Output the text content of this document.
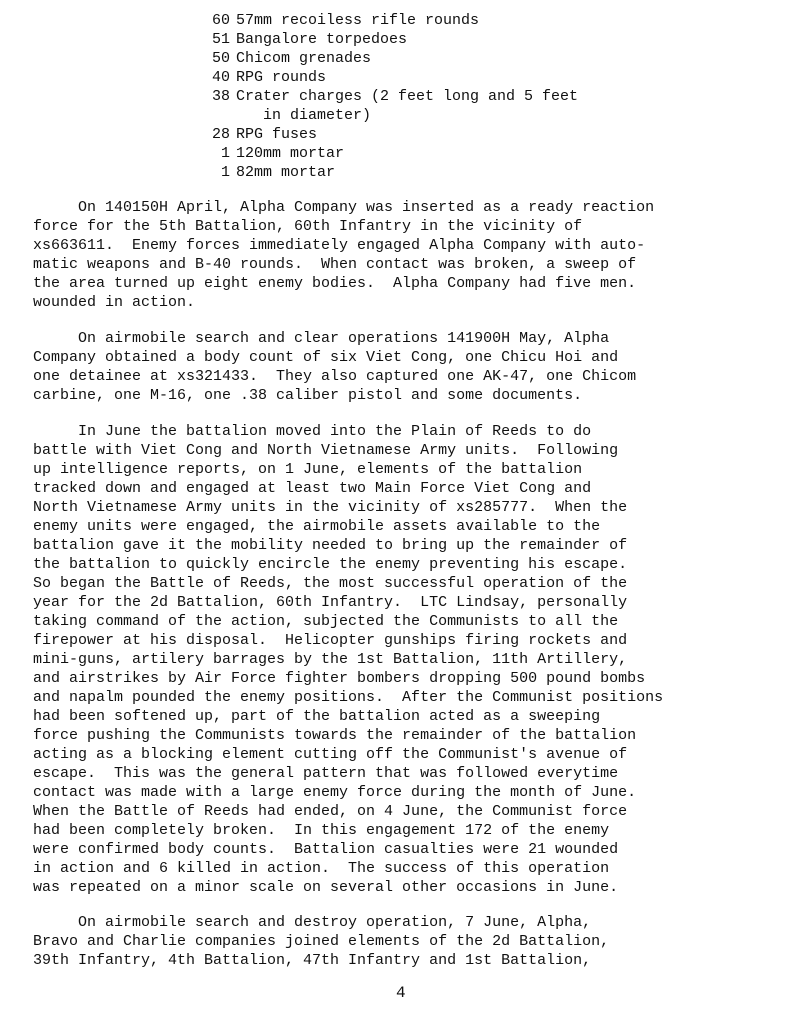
60 57mm recoiless rifle rounds
51 Bangalore torpedoes
50 Chicom grenades
40 RPG rounds
38 Crater charges (2 feet long and 5 feet
in diameter)
28 RPG fuses
1 120mm mortar
1 82mm mortar
On 140150H April, Alpha Company was inserted as a ready reaction
force for the 5th Battalion, 60th Infantry in the vicinity of
xs663611.  Enemy forces immediately engaged Alpha Company with auto-
matic weapons and B-40 rounds.  When contact was broken, a sweep of
the area turned up eight enemy bodies.  Alpha Company had five men.
wounded in action.
On airmobile search and clear operations 141900H May, Alpha
Company obtained a body count of six Viet Cong, one Chicu Hoi and
one detainee at xs321433.  They also captured one AK-47, one Chicom
carbine, one M-16, one .38 caliber pistol and some documents.
In June the battalion moved into the Plain of Reeds to do
battle with Viet Cong and North Vietnamese Army units.  Following
up intelligence reports, on 1 June, elements of the battalion
tracked down and engaged at least two Main Force Viet Cong and
North Vietnamese Army units in the vicinity of xs285777.  When the
enemy units were engaged, the airmobile assets available to the
battalion gave it the mobility needed to bring up the remainder of
the battalion to quickly encircle the enemy preventing his escape.
So began the Battle of Reeds, the most successful operation of the
year for the 2d Battalion, 60th Infantry.  LTC Lindsay, personally
taking command of the action, subjected the Communists to all the
firepower at his disposal.  Helicopter gunships firing rockets and
mini-guns, artilery barrages by the 1st Battalion, 11th Artillery,
and airstrikes by Air Force fighter bombers dropping 500 pound bombs
and napalm pounded the enemy positions.  After the Communist positions
had been softened up, part of the battalion acted as a sweeping
force pushing the Communists towards the remainder of the battalion
acting as a blocking element cutting off the Communist's avenue of
escape.  This was the general pattern that was followed everytime
contact was made with a large enemy force during the month of June.
When the Battle of Reeds had ended, on 4 June, the Communist force
had been completely broken.  In this engagement 172 of the enemy
were confirmed body counts.  Battalion casualties were 21 wounded
in action and 6 killed in action.  The success of this operation
was repeated on a minor scale on several other occasions in June.
On airmobile search and destroy operation, 7 June, Alpha,
Bravo and Charlie companies joined elements of the 2d Battalion,
39th Infantry, 4th Battalion, 47th Infantry and 1st Battalion,
4
